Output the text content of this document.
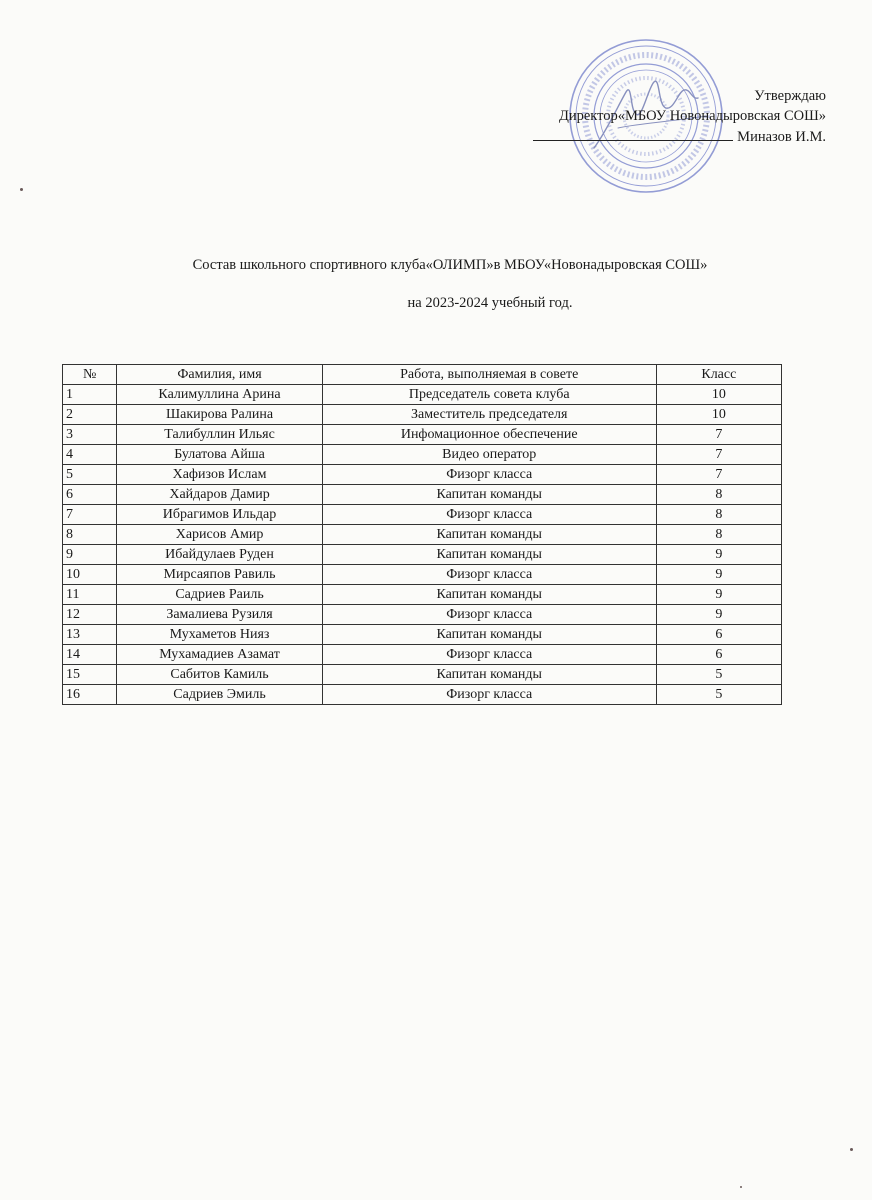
Утверждаю
Директор«МБОУ Новонадыровская СОШ»
Миназов И.М.
Состав школьного спортивного клуба«ОЛИМП»в МБОУ«Новонадыровская СОШ»
на 2023-2024 учебный год.
№	Фамилия, имя	Работа, выполняемая в совете	Класс
1	Калимуллина Арина	Председатель совета клуба	10
2	Шакирова Ралина	Заместитель председателя	10
3	Талибуллин Ильяс	Инфомационное обеспечение	7
4	Булатова Айша	Видео оператор	7
5	Хафизов Ислам	Физорг класса	7
6	Хайдаров Дамир	Капитан команды	8
7	Ибрагимов Ильдар	Физорг класса	8
8	Харисов Амир	Капитан команды	8
9	Ибайдулаев Руден	Капитан команды	9
10	Мирсаяпов Равиль	Физорг класса	9
11	Садриев Раиль	Капитан команды	9
12	Замалиева Рузиля	Физорг класса	9
13	Мухаметов Нияз	Капитан команды	6
14	Мухамадиев Азамат	Физорг класса	6
15	Сабитов Камиль	Капитан команды	5
16	Садриев Эмиль	Физорг класса	5
